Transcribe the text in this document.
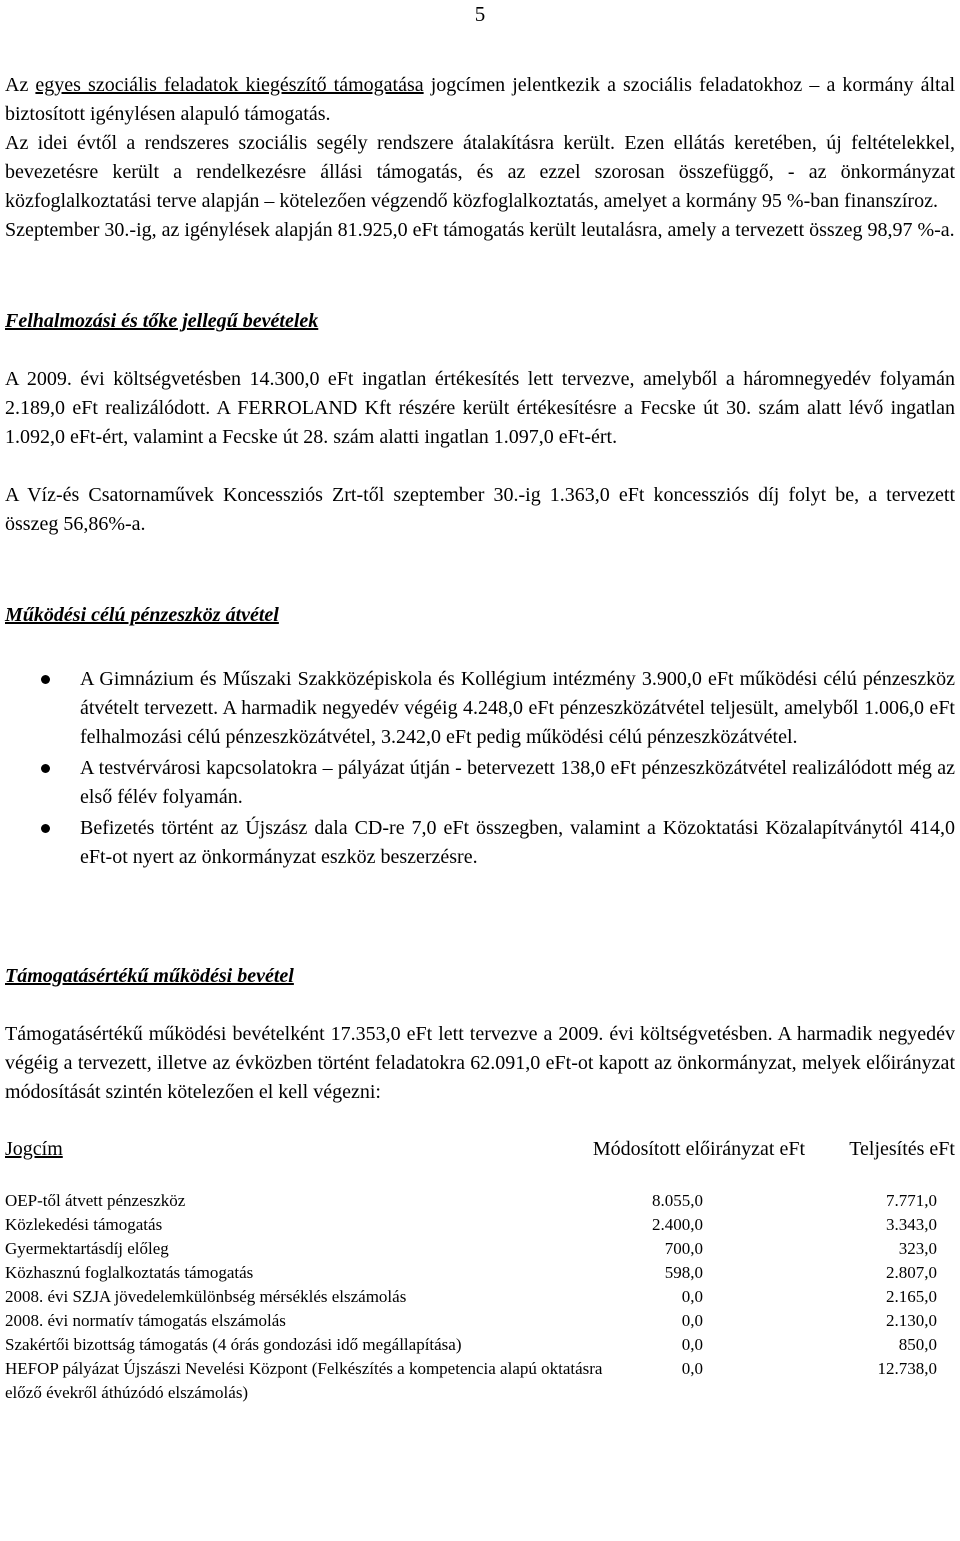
5

Az egyes szociális feladatok kiegészítő támogatása jogcímen jelentkezik a szociális feladatokhoz – a kormány által biztosított igénylésen alapuló támogatás.

Az idei évtől a rendszeres szociális segély rendszere átalakításra került. Ezen ellátás keretében, új feltételekkel, bevezetésre került a rendelkezésre állási támogatás, és az ezzel szorosan összefüggő, - az önkormányzat közfoglalkoztatási terve alapján – kötelezően végzendő közfoglalkoztatás, amelyet a kormány 95 %-ban finanszíroz.

Szeptember 30.-ig, az igénylések alapján 81.925,0 eFt támogatás került leutalásra, amely a tervezett összeg 98,97 %-a.

Felhalmozási és tőke jellegű bevételek

A 2009. évi költségvetésben 14.300,0 eFt ingatlan értékesítés lett tervezve, amelyből a háromnegyedév folyamán 2.189,0 eFt realizálódott. A FERROLAND Kft részére került értékesítésre a Fecske út 30. szám alatt lévő ingatlan 1.092,0 eFt-ért, valamint a Fecske út 28. szám alatti ingatlan 1.097,0 eFt-ért.

A Víz-és Csatornaművek Koncessziós Zrt-től szeptember 30.-ig 1.363,0 eFt koncessziós díj folyt be, a tervezett összeg 56,86%-a.

Működési célú pénzeszköz átvétel
A Gimnázium és Műszaki Szakközépiskola és Kollégium intézmény 3.900,0 eFt működési célú pénzeszköz átvételt tervezett. A harmadik negyedév végéig 4.248,0 eFt pénzeszközátvétel teljesült, amelyből 1.006,0 eFt felhalmozási célú pénzeszközátvétel, 3.242,0 eFt pedig működési célú pénzeszközátvétel.
A testvérvárosi kapcsolatokra – pályázat útján - betervezett 138,0 eFt pénzeszközátvétel realizálódott még az első félév folyamán.
Befizetés történt az Újszász dala CD-re 7,0 eFt összegben, valamint a Közoktatási Közalapítványtól 414,0 eFt-ot nyert az önkormányzat eszköz beszerzésre.
Támogatásértékű működési bevétel

Támogatásértékű működési bevételként 17.353,0 eFt lett tervezve a 2009. évi költségvetésben. A harmadik negyedév végéig a tervezett, illetve az évközben történt feladatokra 62.091,0 eFt-ot kapott az önkormányzat, melyek előirányzat módosítását szintén kötelezően el kell végezni:

Jogcím	Módosított előirányzat eFt	Teljesítés eFt
OEP-től átvett pénzeszköz	8.055,0	7.771,0
Közlekedési támogatás	2.400,0	3.343,0
Gyermektartásdíj előleg	700,0	323,0
Közhasznú foglalkoztatás támogatás	598,0	2.807,0
2008. évi SZJA jövedelemkülönbség mérséklés elszámolás	0,0	2.165,0
2008. évi normatív támogatás elszámolás	0,0	2.130,0
Szakértői bizottság támogatás (4 órás gondozási idő megállapítása)	0,0	850,0
HEFOP pályázat Újszászi Nevelési Központ (Felkészítés a kompetencia alapú oktatásra előző évekről áthúzódó elszámolás)	0,0	12.738,0
